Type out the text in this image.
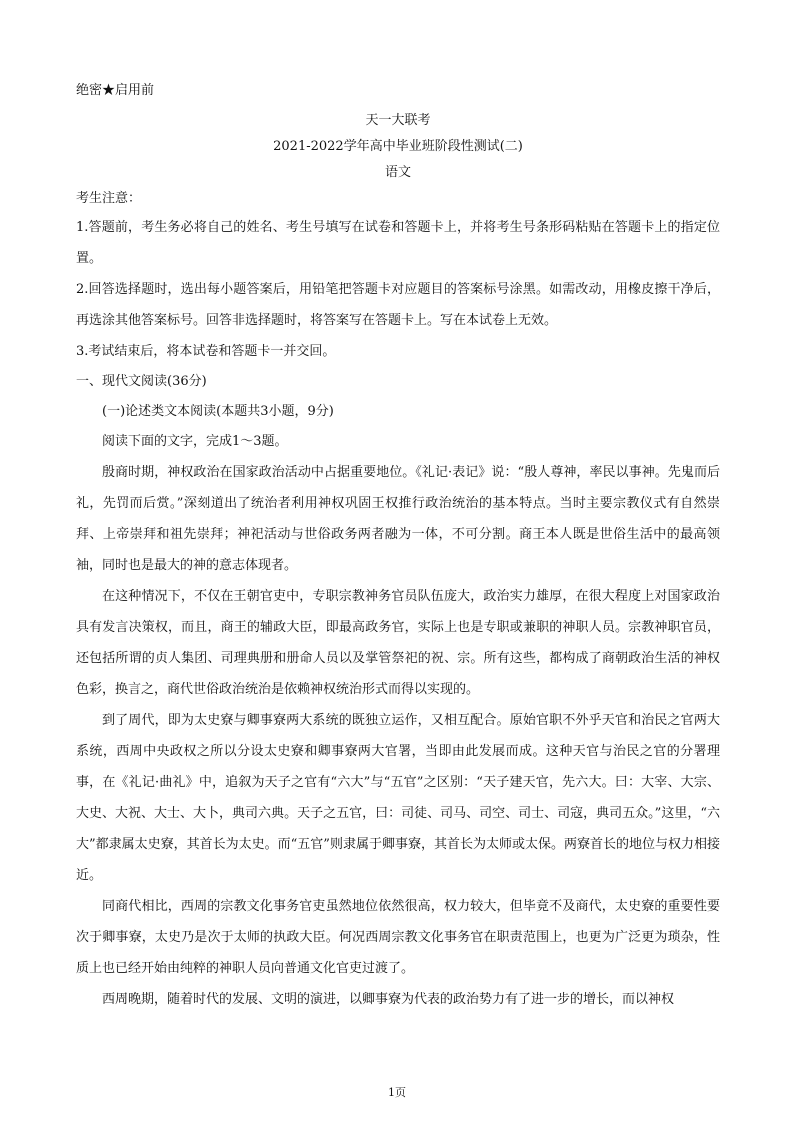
绝密★启用前
天一大联考
2021-2022学年高中毕业班阶段性测试(二)
语文
考生注意：

1.答题前，考生务必将自己的姓名、考生号填写在试卷和答题卡上，并将考生号条形码粘贴在答题卡上的指定位置。

2.回答选择题时，选出每小题答案后，用铅笔把答题卡对应题目的答案标号涂黑。如需改动，用橡皮擦干净后，再选涂其他答案标号。回答非选择题时，将答案写在答题卡上。写在本试卷上无效。

3.考试结束后，将本试卷和答题卡一并交回。

一、现代文阅读(36分)
(一)论述类文本阅读(本题共3小题，9分)
阅读下面的文字，完成1～3题。

殷商时期，神权政治在国家政治活动中占据重要地位。《礼记·表记》说：“殷人尊神，率民以事神。先鬼而后礼，先罚而后赏。”深刻道出了统治者利用神权巩固王权推行政治统治的基本特点。当时主要宗教仪式有自然崇拜、上帝崇拜和祖先崇拜；神祀活动与世俗政务两者融为一体，不可分割。商王本人既是世俗生活中的最高领袖，同时也是最大的神的意志体现者。

在这种情况下，不仅在王朝官吏中，专职宗教神务官员队伍庞大，政治实力雄厚，在很大程度上对国家政治具有发言决策权，而且，商王的辅政大臣，即最高政务官，实际上也是专职或兼职的神职人员。宗教神职官员，还包括所谓的贞人集团、司理典册和册命人员以及掌管祭祀的祝、宗。所有这些，都构成了商朝政治生活的神权色彩，换言之，商代世俗政治统治是依赖神权统治形式而得以实现的。

到了周代，即为太史寮与卿事寮两大系统的既独立运作，又相互配合。原始官职不外乎天官和治民之官两大系统，西周中央政权之所以分设太史寮和卿事寮两大官署，当即由此发展而成。这种天官与治民之官的分署理事，在《礼记·曲礼》中，追叙为天子之官有“六大”与“五官”之区别：“天子建天官，先六大。曰：大宰、大宗、大史、大祝、大士、大卜，典司六典。天子之五官，曰：司徒、司马、司空、司士、司寇，典司五众。”这里，“六大”都隶属太史寮，其首长为太史。而“五官”则隶属于卿事寮，其首长为太师或太保。两寮首长的地位与权力相接近。

同商代相比，西周的宗教文化事务官吏虽然地位依然很高，权力较大，但毕竟不及商代，太史寮的重要性要次于卿事寮，太史乃是次于太师的执政大臣。何况西周宗教文化事务官在职责范围上，也更为广泛更为琐杂，性质上也已经开始由纯粹的神职人员向普通文化官吏过渡了。

西周晚期，随着时代的发展、文明的演进，以卿事寮为代表的政治势力有了进一步的增长，而以神权

1页
